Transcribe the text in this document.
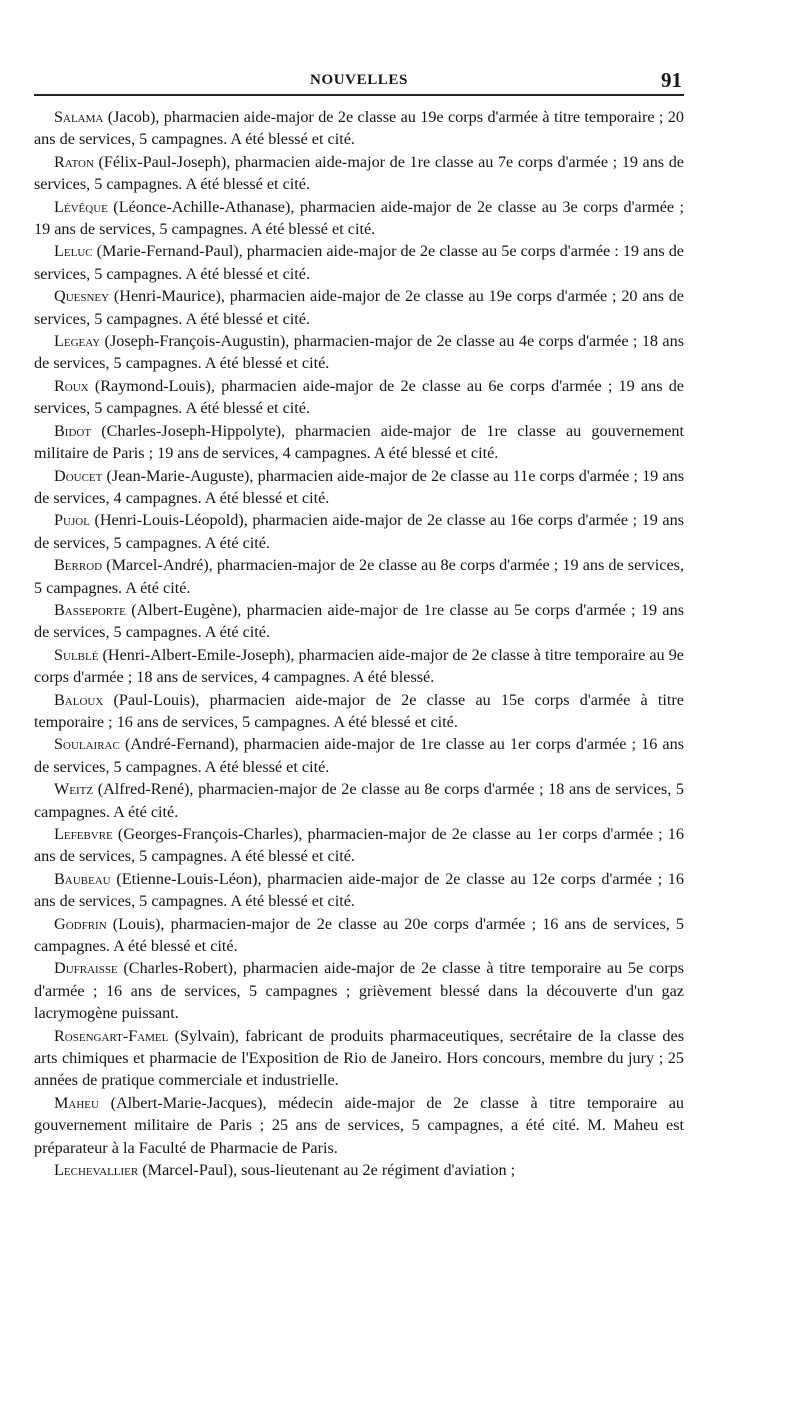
NOUVELLES	91

Salama (Jacob), pharmacien aide-major de 2e classe au 19e corps d'armée à titre temporaire ; 20 ans de services, 5 campagnes. A été blessé et cité.

Raton (Félix-Paul-Joseph), pharmacien aide-major de 1re classe au 7e corps d'armée ; 19 ans de services, 5 campagnes. A été blessé et cité.

Lévêque (Léonce-Achille-Athanase), pharmacien aide-major de 2e classe au 3e corps d'armée ; 19 ans de services, 5 campagnes. A été blessé et cité.

Leluc (Marie-Fernand-Paul), pharmacien aide-major de 2e classe au 5e corps d'armée : 19 ans de services, 5 campagnes. A été blessé et cité.

Quesney (Henri-Maurice), pharmacien aide-major de 2e classe au 19e corps d'armée ; 20 ans de services, 5 campagnes. A été blessé et cité.

Legeay (Joseph-François-Augustin), pharmacien-major de 2e classe au 4e corps d'armée ; 18 ans de services, 5 campagnes. A été blessé et cité.

Roux (Raymond-Louis), pharmacien aide-major de 2e classe au 6e corps d'armée ; 19 ans de services, 5 campagnes. A été blessé et cité.

Bidot (Charles-Joseph-Hippolyte), pharmacien aide-major de 1re classe au gouvernement militaire de Paris ; 19 ans de services, 4 campagnes. A été blessé et cité.

Doucet (Jean-Marie-Auguste), pharmacien aide-major de 2e classe au 11e corps d'armée ; 19 ans de services, 4 campagnes. A été blessé et cité.

Pujol (Henri-Louis-Léopold), pharmacien aide-major de 2e classe au 16e corps d'armée ; 19 ans de services, 5 campagnes. A été cité.

Berrod (Marcel-André), pharmacien-major de 2e classe au 8e corps d'armée ; 19 ans de services, 5 campagnes. A été cité.

Basseporte (Albert-Eugène), pharmacien aide-major de 1re classe au 5e corps d'armée ; 19 ans de services, 5 campagnes. A été cité.

Sulblé (Henri-Albert-Emile-Joseph), pharmacien aide-major de 2e classe à titre temporaire au 9e corps d'armée ; 18 ans de services, 4 campagnes. A été blessé.

Baloux (Paul-Louis), pharmacien aide-major de 2e classe au 15e corps d'armée à titre temporaire ; 16 ans de services, 5 campagnes. A été blessé et cité.

Soulairac (André-Fernand), pharmacien aide-major de 1re classe au 1er corps d'armée ; 16 ans de services, 5 campagnes. A été blessé et cité.

Weitz (Alfred-René), pharmacien-major de 2e classe au 8e corps d'armée ; 18 ans de services, 5 campagnes. A été cité.

Lefebvre (Georges-François-Charles), pharmacien-major de 2e classe au 1er corps d'armée ; 16 ans de services, 5 campagnes. A été blessé et cité.

Baubeau (Etienne-Louis-Léon), pharmacien aide-major de 2e classe au 12e corps d'armée ; 16 ans de services, 5 campagnes. A été blessé et cité.

Godfrin (Louis), pharmacien-major de 2e classe au 20e corps d'armée ; 16 ans de services, 5 campagnes. A été blessé et cité.

Dufraisse (Charles-Robert), pharmacien aide-major de 2e classe à titre temporaire au 5e corps d'armée ; 16 ans de services, 5 campagnes ; grièvement blessé dans la découverte d'un gaz lacrymogène puissant.

Rosengart-Famel (Sylvain), fabricant de produits pharmaceutiques, secrétaire de la classe des arts chimiques et pharmacie de l'Exposition de Rio de Janeiro. Hors concours, membre du jury ; 25 années de pratique commerciale et industrielle.

Maheu (Albert-Marie-Jacques), médecin aide-major de 2e classe à titre temporaire au gouvernement militaire de Paris ; 25 ans de services, 5 campagnes, a été cité. M. Maheu est préparateur à la Faculté de Pharmacie de Paris.

Lechevallier (Marcel-Paul), sous-lieutenant au 2e régiment d'aviation ;
